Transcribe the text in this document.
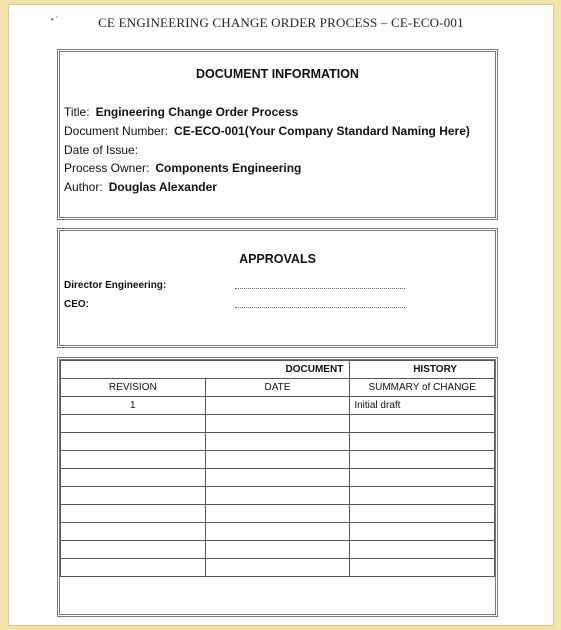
• ‘	CE ENGINEERING CHANGE ORDER PROCESS – CE-ECO-001
DOCUMENT INFORMATION
Title: Engineering Change Order Process
Document Number: CE-ECO-001(Your Company Standard Naming Here)
Date of Issue:
Process Owner: Components Engineering
Author: Douglas Alexander
APPROVALS
Director Engineering:
CEO:
DOCUMENT		HISTORY
REVISION	DATE	SUMMARY of CHANGE
1		Initial draft
